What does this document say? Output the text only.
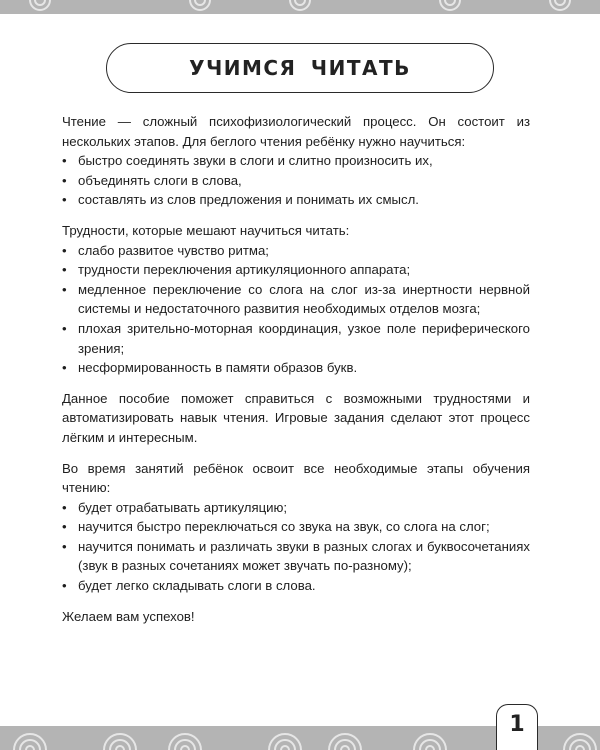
УЧИМСЯ ЧИТАТЬ

Чтение — сложный психофизиологический процесс. Он состоит из нескольких этапов. Для беглого чтения ребёнку нужно научиться:

• быстро соединять звуки в слоги и слитно произносить их,
• объединять слоги в слова,
• составлять из слов предложения и понимать их смысл.

Трудности, которые мешают научиться читать:

• слабо развитое чувство ритма;
• трудности переключения артикуляционного аппарата;
• медленное переключение со слога на слог из-за инертности нервной системы и недостаточного развития необходимых отделов мозга;
• плохая зрительно-моторная координация, узкое поле периферического зрения;
• несформированность в памяти образов букв.

Данное пособие поможет справиться с возможными трудностями и автоматизировать навык чтения. Игровые задания сделают этот процесс лёгким и интересным.

Во время занятий ребёнок освоит все необходимые этапы обучения чтению:

• будет отрабатывать артикуляцию;
• научится быстро переключаться со звука на звук, со слога на слог;
• научится понимать и различать звуки в разных слогах и буквосочетаниях (звук в разных сочетаниях может звучать по-разному);
• будет легко складывать слоги в слова.

Желаем вам успехов!

1
